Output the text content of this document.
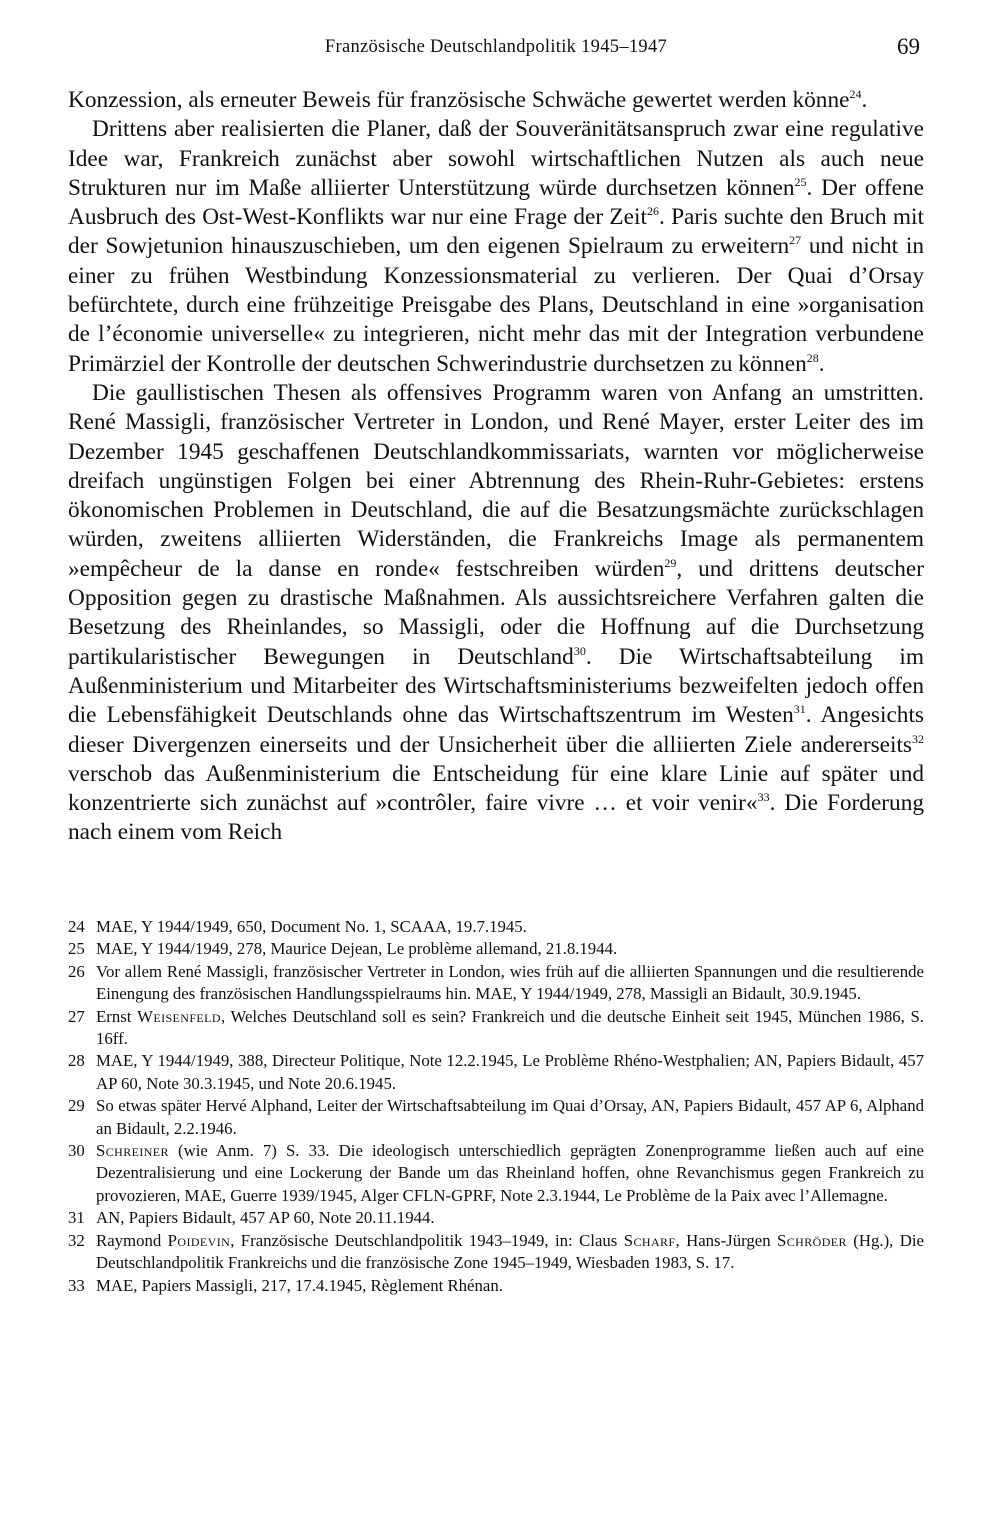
Französische Deutschlandpolitik 1945–1947	69

Konzession, als erneuter Beweis für französische Schwäche gewertet werden könne$^{24}$.

Drittens aber realisierten die Planer, daß der Souveränitätsanspruch zwar eine regulative Idee war, Frankreich zunächst aber sowohl wirtschaftlichen Nutzen als auch neue Strukturen nur im Maße alliierter Unterstützung würde durchsetzen können$^{25}$. Der offene Ausbruch des Ost-West-Konflikts war nur eine Frage der Zeit$^{26}$. Paris suchte den Bruch mit der Sowjetunion hinauszuschieben, um den eigenen Spielraum zu erweitern$^{27}$ und nicht in einer zu frühen Westbindung Konzessionsmaterial zu verlieren. Der Quai d’Orsay befürchtete, durch eine frühzeitige Preisgabe des Plans, Deutschland in eine »organisation de l’économie universelle« zu integrieren, nicht mehr das mit der Integration verbundene Primärziel der Kontrolle der deutschen Schwerindustrie durchsetzen zu können$^{28}$.

Die gaullistischen Thesen als offensives Programm waren von Anfang an umstritten. René Massigli, französischer Vertreter in London, und René Mayer, erster Leiter des im Dezember 1945 geschaffenen Deutschlandkommissariats, warnten vor möglicherweise dreifach ungünstigen Folgen bei einer Abtrennung des Rhein-Ruhr-Gebietes: erstens ökonomischen Problemen in Deutschland, die auf die Besatzungsmächte zurückschlagen würden, zweitens alliierten Widerständen, die Frankreichs Image als permanentem »empêcheur de la danse en ronde« festschreiben würden$^{29}$, und drittens deutscher Opposition gegen zu drastische Maßnahmen. Als aussichtsreichere Verfahren galten die Besetzung des Rheinlandes, so Massigli, oder die Hoffnung auf die Durchsetzung partikularistischer Bewegungen in Deutschland$^{30}$. Die Wirtschaftsabteilung im Außenministerium und Mitarbeiter des Wirtschaftsministeriums bezweifelten jedoch offen die Lebensfähigkeit Deutschlands ohne das Wirtschaftszentrum im Westen$^{31}$. Angesichts dieser Divergenzen einerseits und der Unsicherheit über die alliierten Ziele andererseits$^{32}$ verschob das Außenministerium die Entscheidung für eine klare Linie auf später und konzentrierte sich zunächst auf »contrôler, faire vivre … et voir venir«$^{33}$. Die Forderung nach einem vom Reich

24 MAE, Y 1944/1949, 650, Document No. 1, SCAAA, 19.7.1945.

25 MAE, Y 1944/1949, 278, Maurice Dejean, Le problème allemand, 21.8.1944.

26 Vor allem René Massigli, französischer Vertreter in London, wies früh auf die alliierten Spannungen und die resultierende Einengung des französischen Handlungsspielraums hin. MAE, Y 1944/1949, 278, Massigli an Bidault, 30.9.1945.

27 Ernst Weisenfeld, Welches Deutschland soll es sein? Frankreich und die deutsche Einheit seit 1945, München 1986, S. 16ff.

28 MAE, Y 1944/1949, 388, Directeur Politique, Note 12.2.1945, Le Problème Rhéno-Westphalien; AN, Papiers Bidault, 457 AP 60, Note 30.3.1945, und Note 20.6.1945.

29 So etwas später Hervé Alphand, Leiter der Wirtschaftsabteilung im Quai d’Orsay, AN, Papiers Bidault, 457 AP 6, Alphand an Bidault, 2.2.1946.

30 Schreiner (wie Anm. 7) S. 33. Die ideologisch unterschiedlich geprägten Zonenprogramme ließen auch auf eine Dezentralisierung und eine Lockerung der Bande um das Rheinland hoffen, ohne Revanchismus gegen Frankreich zu provozieren, MAE, Guerre 1939/1945, Alger CFLN-GPRF, Note 2.3.1944, Le Problème de la Paix avec l’Allemagne.

31 AN, Papiers Bidault, 457 AP 60, Note 20.11.1944.

32 Raymond Poidevin, Französische Deutschlandpolitik 1943–1949, in: Claus Scharf, Hans-Jürgen Schröder (Hg.), Die Deutschlandpolitik Frankreichs und die französische Zone 1945–1949, Wiesbaden 1983, S. 17.

33 MAE, Papiers Massigli, 217, 17.4.1945, Règlement Rhénan.
